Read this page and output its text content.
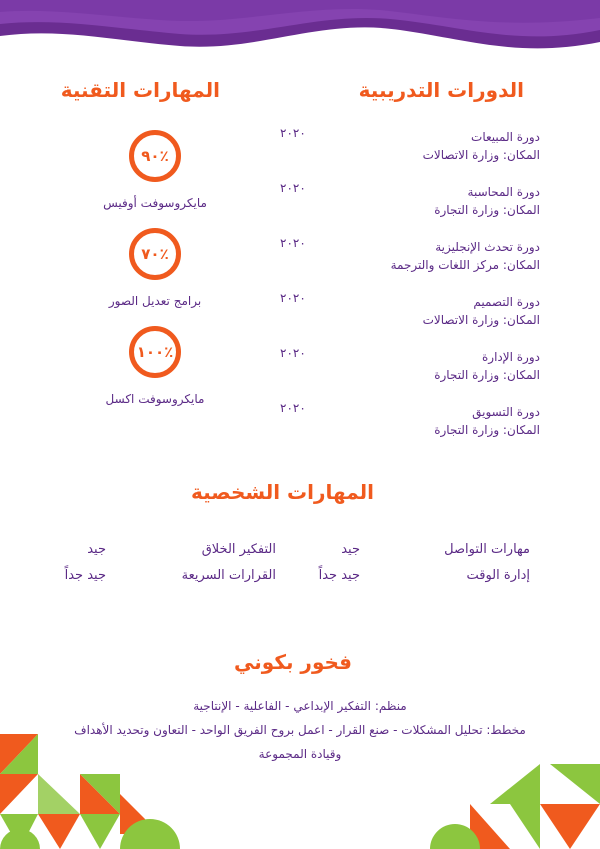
الدورات التدريبية
المهارات التقنية
دورة المبيعات
المكان: وزارة الاتصالات
٢٠٢٠
دورة المحاسبة
المكان: وزارة التجارة
٢٠٢٠
دورة تحدث الإنجليزية
المكان: مركز اللغات والترجمة
٢٠٢٠
دورة التصميم
المكان: وزارة الاتصالات
٢٠٢٠
دورة الإدارة
المكان: وزارة التجارة
٢٠٢٠
دورة التسويق
المكان: وزارة التجارة
٢٠٢٠
٪٩٠
مايكروسوفت أوفيس
٪٧٠
برامج تعديل الصور
٪١٠٠
مايكروسوفت اكسل
المهارات الشخصية
مهارات التواصل
جيد
التفكير الخلاق
جيد
إدارة الوقت
جيد جداً
القرارات السريعة
جيد جداً
فخور بكوني
منظم: التفكير الإبداعي - الفاعلية - الإنتاجية
مخطط: تحليل المشكلات - صنع القرار - اعمل بروح الفريق الواحد - التعاون وتحديد الأهداف
وقيادة المجموعة
